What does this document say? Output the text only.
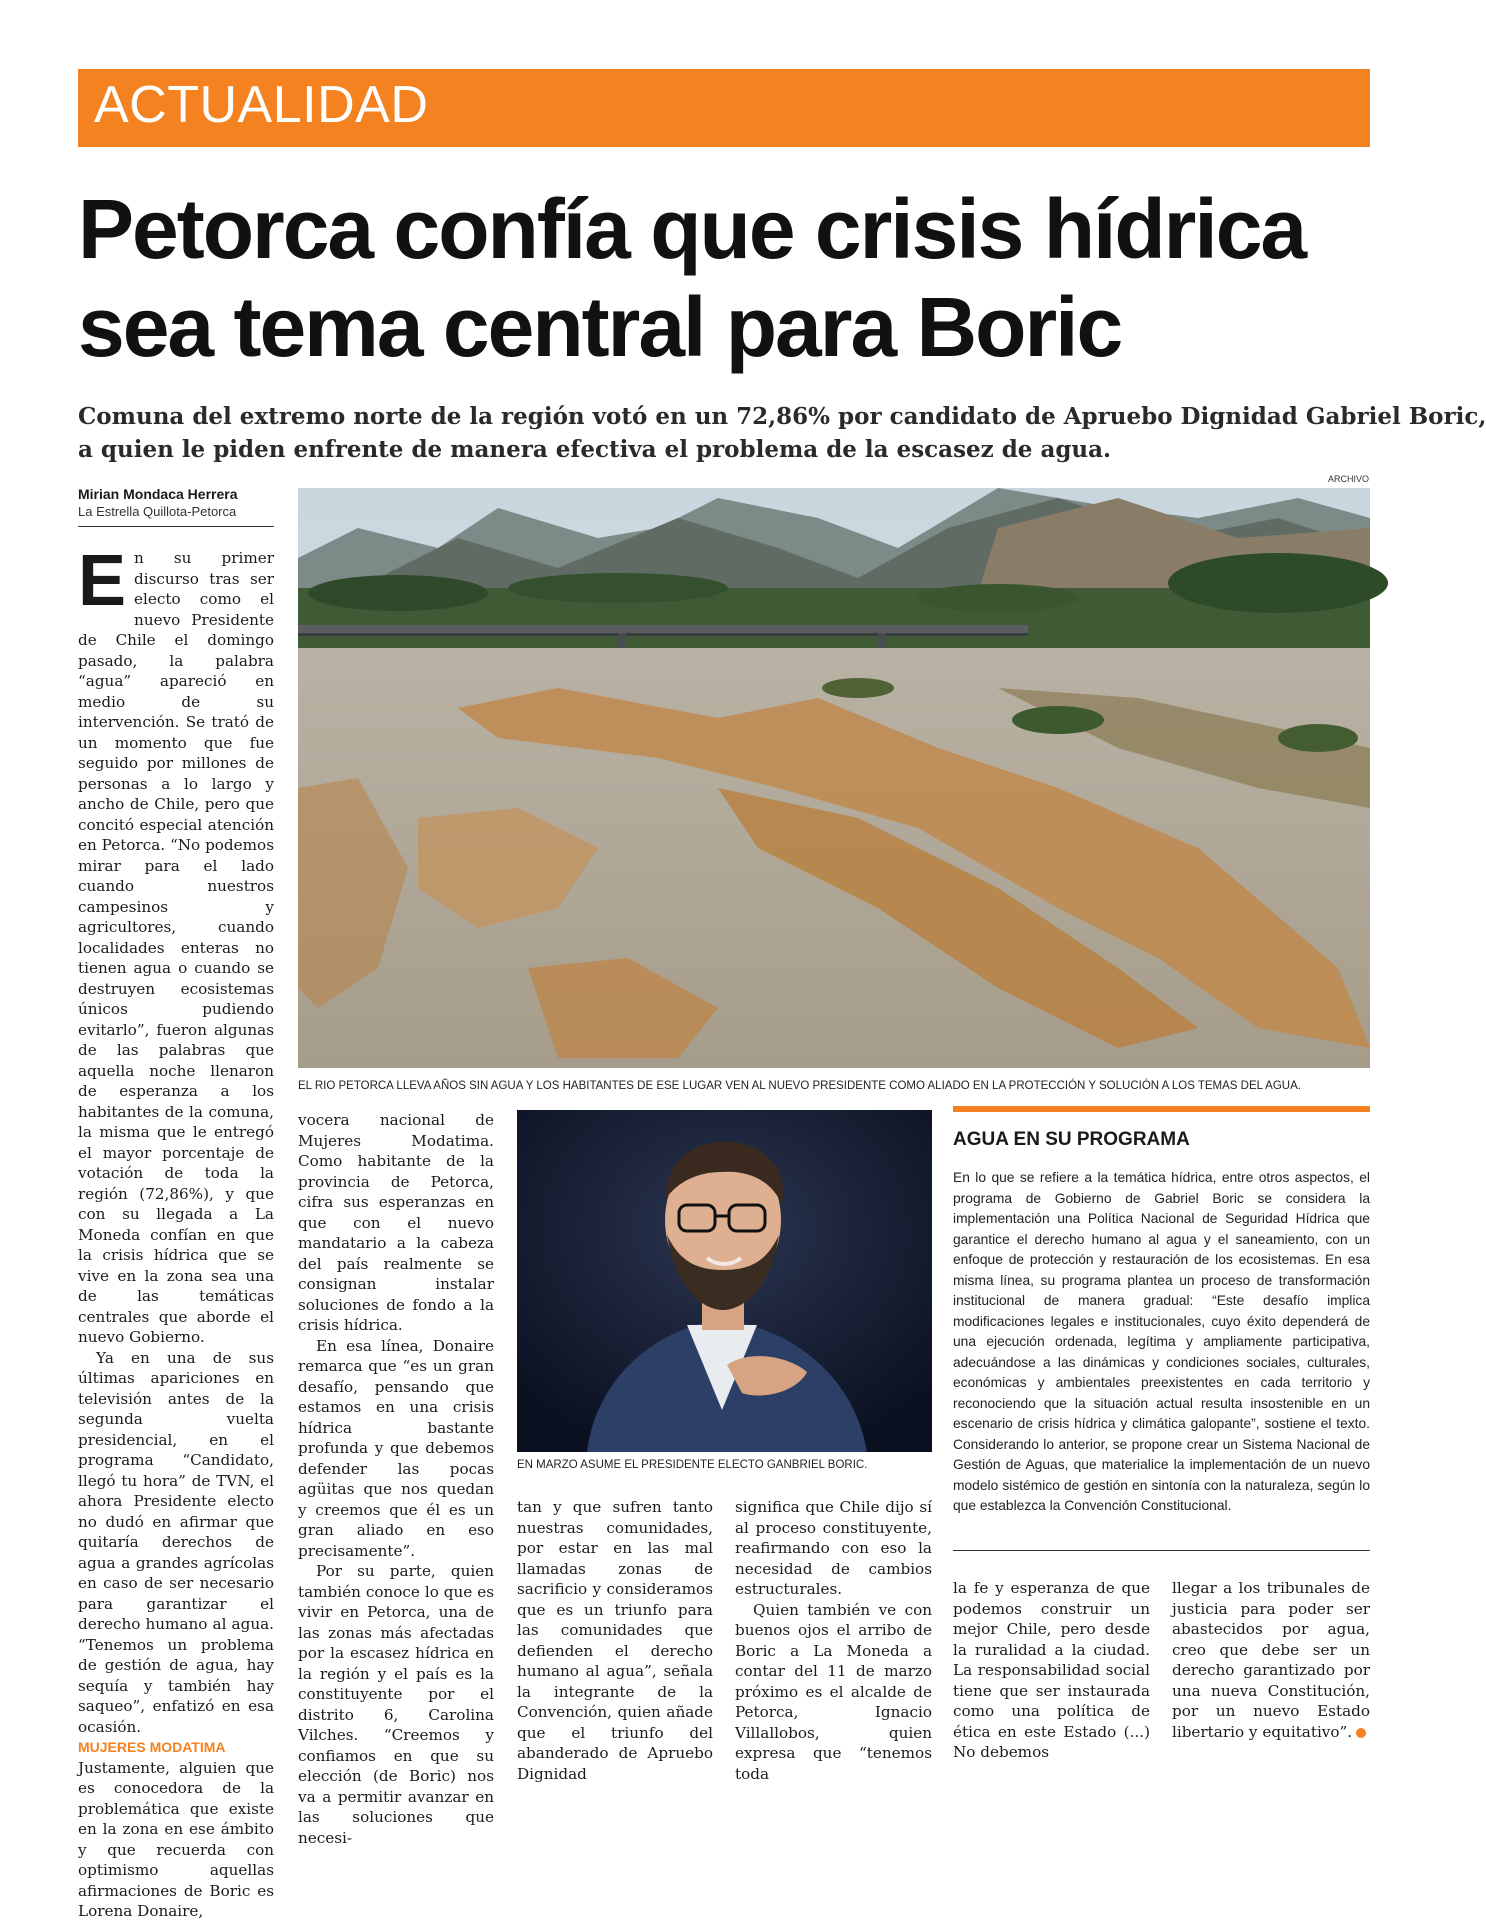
ACTUALIDAD
Petorca confía que crisis hídrica
sea tema central para Boric
Comuna del extremo norte de la región votó en un 72,86% por candidato de Apruebo Dignidad Gabriel Boric,
a quien le piden enfrente de manera efectiva el problema de la escasez de agua.
Mirian Mondaca Herrera
La Estrella Quillota-Petorca
ARCHIVO
EL RIO PETORCA LLEVA AÑOS SIN AGUA Y LOS HABITANTES DE ESE LUGAR VEN AL NUEVO PRESIDENTE COMO ALIADO EN LA PROTECCIÓN Y SOLUCIÓN A LOS TEMAS DEL AGUA.

En su primer discurso tras ser electo como el nuevo Presidente de Chile el domingo pasado, la palabra “agua” apareció en medio de su intervención. Se trató de un momento que fue seguido por millones de personas a lo largo y ancho de Chile, pero que concitó especial atención en Petorca. “No podemos mirar para el lado cuando nuestros campesinos y agricultores, cuando localidades enteras no tienen agua o cuando se destruyen ecosistemas únicos pudiendo evitarlo”, fueron algunas de las palabras que aquella noche llenaron de esperanza a los habitantes de la comuna, la misma que le entregó el mayor porcentaje de votación de toda la región (72,86%), y que con su llegada a La Moneda confían en que la crisis hídrica que se vive en la zona sea una de las temáticas centrales que aborde el nuevo Gobierno.

Ya en una de sus últimas apariciones en televisión antes de la segunda vuelta presidencial, en el programa “Candidato, llegó tu hora” de TVN, el ahora Presidente electo no dudó en afirmar que quitaría derechos de agua a grandes agrícolas en caso de ser necesario para garantizar el derecho humano al agua. “Tenemos un problema de gestión de agua, hay sequía y también hay saqueo”, enfatizó en esa ocasión.

MUJERES MODATIMA

Justamente, alguien que es conocedora de la problemática que existe en la zona en ese ámbito y que recuerda con optimismo aquellas afirmaciones de Boric es Lorena Donaire,

vocera nacional de Mujeres Modatima. Como habitante de la provincia de Petorca, cifra sus esperanzas en que con el nuevo mandatario a la cabeza del país realmente se consignan instalar soluciones de fondo a la crisis hídrica.

En esa línea, Donaire remarca que “es un gran desafío, pensando que estamos en una crisis hídrica bastante profunda y que debemos defender las pocas agüitas que nos quedan y creemos que él es un gran aliado en eso precisamente”.

Por su parte, quien también conoce lo que es vivir en Petorca, una de las zonas más afectadas por la escasez hídrica en la región y el país es la constituyente por el distrito 6, Carolina Vilches. “Creemos y confiamos en que su elección (de Boric) nos va a permitir avanzar en las soluciones que necesi-

EN MARZO ASUME EL PRESIDENTE ELECTO GANBRIEL BORIC.
AGUA EN SU PROGRAMA

En lo que se refiere a la temática hídrica, entre otros aspectos, el programa de Gobierno de Gabriel Boric se considera la implementación una Política Nacional de Seguridad Hídrica que garantice el derecho humano al agua y el saneamiento, con un enfoque de protección y restauración de los ecosistemas. En esa misma línea, su programa plantea un proceso de transformación institucional de manera gradual: “Este desafío implica modificaciones legales e institucionales, cuyo éxito dependerá de una ejecución ordenada, legítima y ampliamente participativa, adecuándose a las dinámicas y condiciones sociales, culturales, económicas y ambientales preexistentes en cada territorio y reconociendo que la situación actual resulta insostenible en un escenario de crisis hídrica y climática galopante”, sostiene el texto. Considerando lo anterior, se propone crear un Sistema Nacional de Gestión de Aguas, que materialice la implementación de un nuevo modelo sistémico de gestión en sintonía con la naturaleza, según lo que establezca la Convención Constitucional.

tan y que sufren tanto nuestras comunidades, por estar en las mal llamadas zonas de sacrificio y consideramos que es un triunfo para las comunidades que defienden el derecho humano al agua”, señala la integrante de la Convención, quien añade que el triunfo del abanderado de Apruebo Dignidad

significa que Chile dijo sí al proceso constituyente, reafirmando con eso la necesidad de cambios estructurales.

Quien también ve con buenos ojos el arribo de Boric a La Moneda a contar del 11 de marzo próximo es el alcalde de Petorca, Ignacio Villallobos, quien expresa que “tenemos toda

la fe y esperanza de que podemos construir un mejor Chile, pero desde la ruralidad a la ciudad. La responsabilidad social tiene que ser instaurada como una política de ética en este Estado (...) No debemos

llegar a los tribunales de justicia para poder ser abastecidos por agua, creo que debe ser un derecho garantizado por una nueva Constitución, por un nuevo Estado libertario y equitativo”.
